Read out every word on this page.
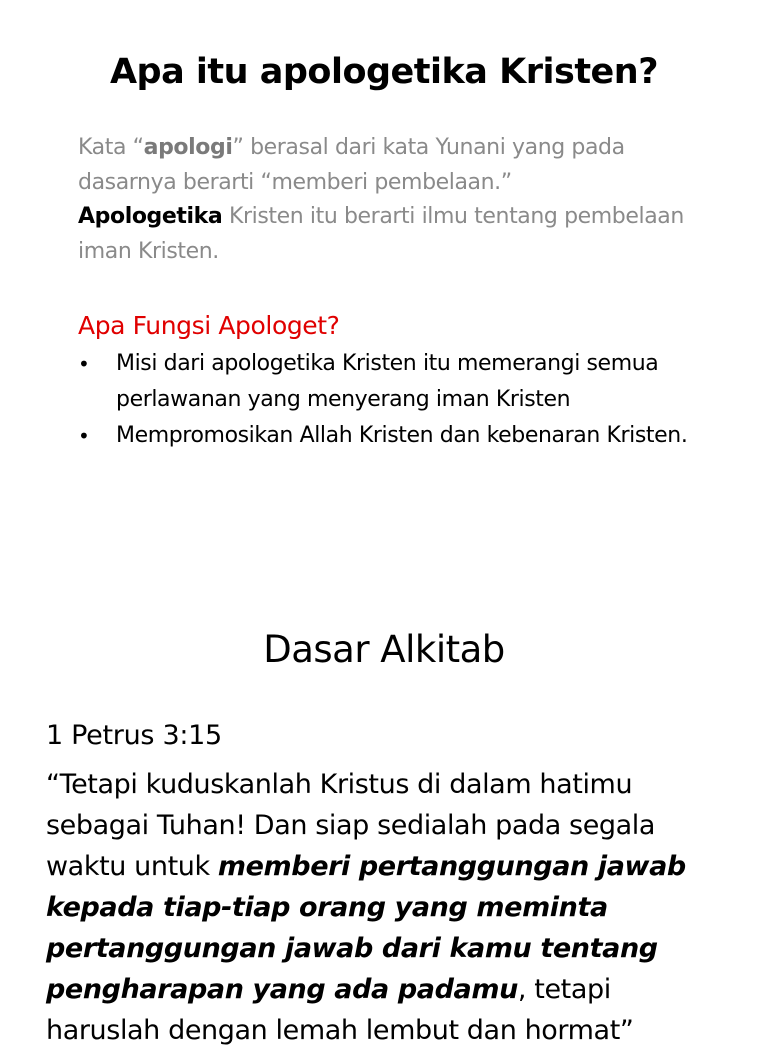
Apa itu apologetika Kristen?
Kata “apologi” berasal dari kata Yunani yang pada dasarnya berarti “memberi pembelaan.”
Apologetika Kristen itu berarti ilmu tentang pembelaan iman Kristen.
Apa Fungsi Apologet?
• Misi dari apologetika Kristen itu memerangi semua perlawanan yang menyerang iman Kristen
• Mempromosikan Allah Kristen dan kebenaran Kristen.
Dasar Alkitab
1 Petrus 3:15
“Tetapi kuduskanlah Kristus di dalam hatimu sebagai Tuhan! Dan siap sedialah pada segala waktu untuk memberi pertanggungan jawab kepada tiap-tiap orang yang meminta pertanggungan jawab dari kamu tentang pengharapan yang ada padamu, tetapi haruslah dengan lemah lembut dan hormat”
